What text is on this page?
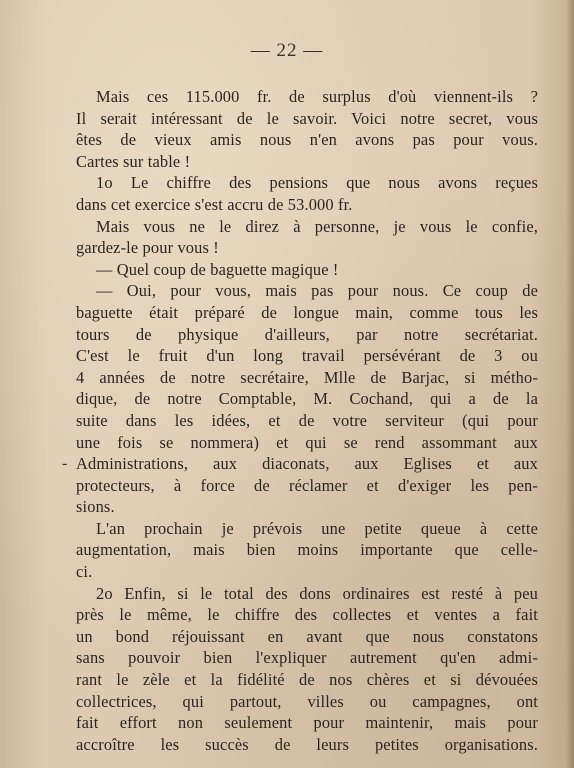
— 22 —
-
Mais ces 115.000 fr. de surplus d'où viennent-ils ?
Il serait intéressant de le savoir. Voici notre secret, vous
êtes de vieux amis nous n'en avons pas pour vous.
Cartes sur table !
1o Le chiffre des pensions que nous avons reçues
dans cet exercice s'est accru de 53.000 fr.
Mais vous ne le direz à personne, je vous le confie,
gardez-le pour vous !
— Quel coup de baguette magique !
— Oui, pour vous, mais pas pour nous. Ce coup de
baguette était préparé de longue main, comme tous les
tours de physique d'ailleurs, par notre secrétariat.
C'est le fruit d'un long travail persévérant de 3 ou
4 années de notre secrétaire, Mlle de Barjac, si métho-
dique, de notre Comptable, M. Cochand, qui a de la
suite dans les idées, et de votre serviteur (qui pour
une fois se nommera) et qui se rend assommant aux
Administrations, aux diaconats, aux Eglises et aux
protecteurs, à force de réclamer et d'exiger les pen-
sions.
L'an prochain je prévois une petite queue à cette
augmentation, mais bien moins importante que celle-
ci.
2o Enfin, si le total des dons ordinaires est resté à peu
près le même, le chiffre des collectes et ventes a fait
un bond réjouissant en avant que nous constatons
sans pouvoir bien l'expliquer autrement qu'en admi-
rant le zèle et la fidélité de nos chères et si dévouées
collectrices, qui partout, villes ou campagnes, ont
fait effort non seulement pour maintenir, mais pour
accroître les succès de leurs petites organisations.
